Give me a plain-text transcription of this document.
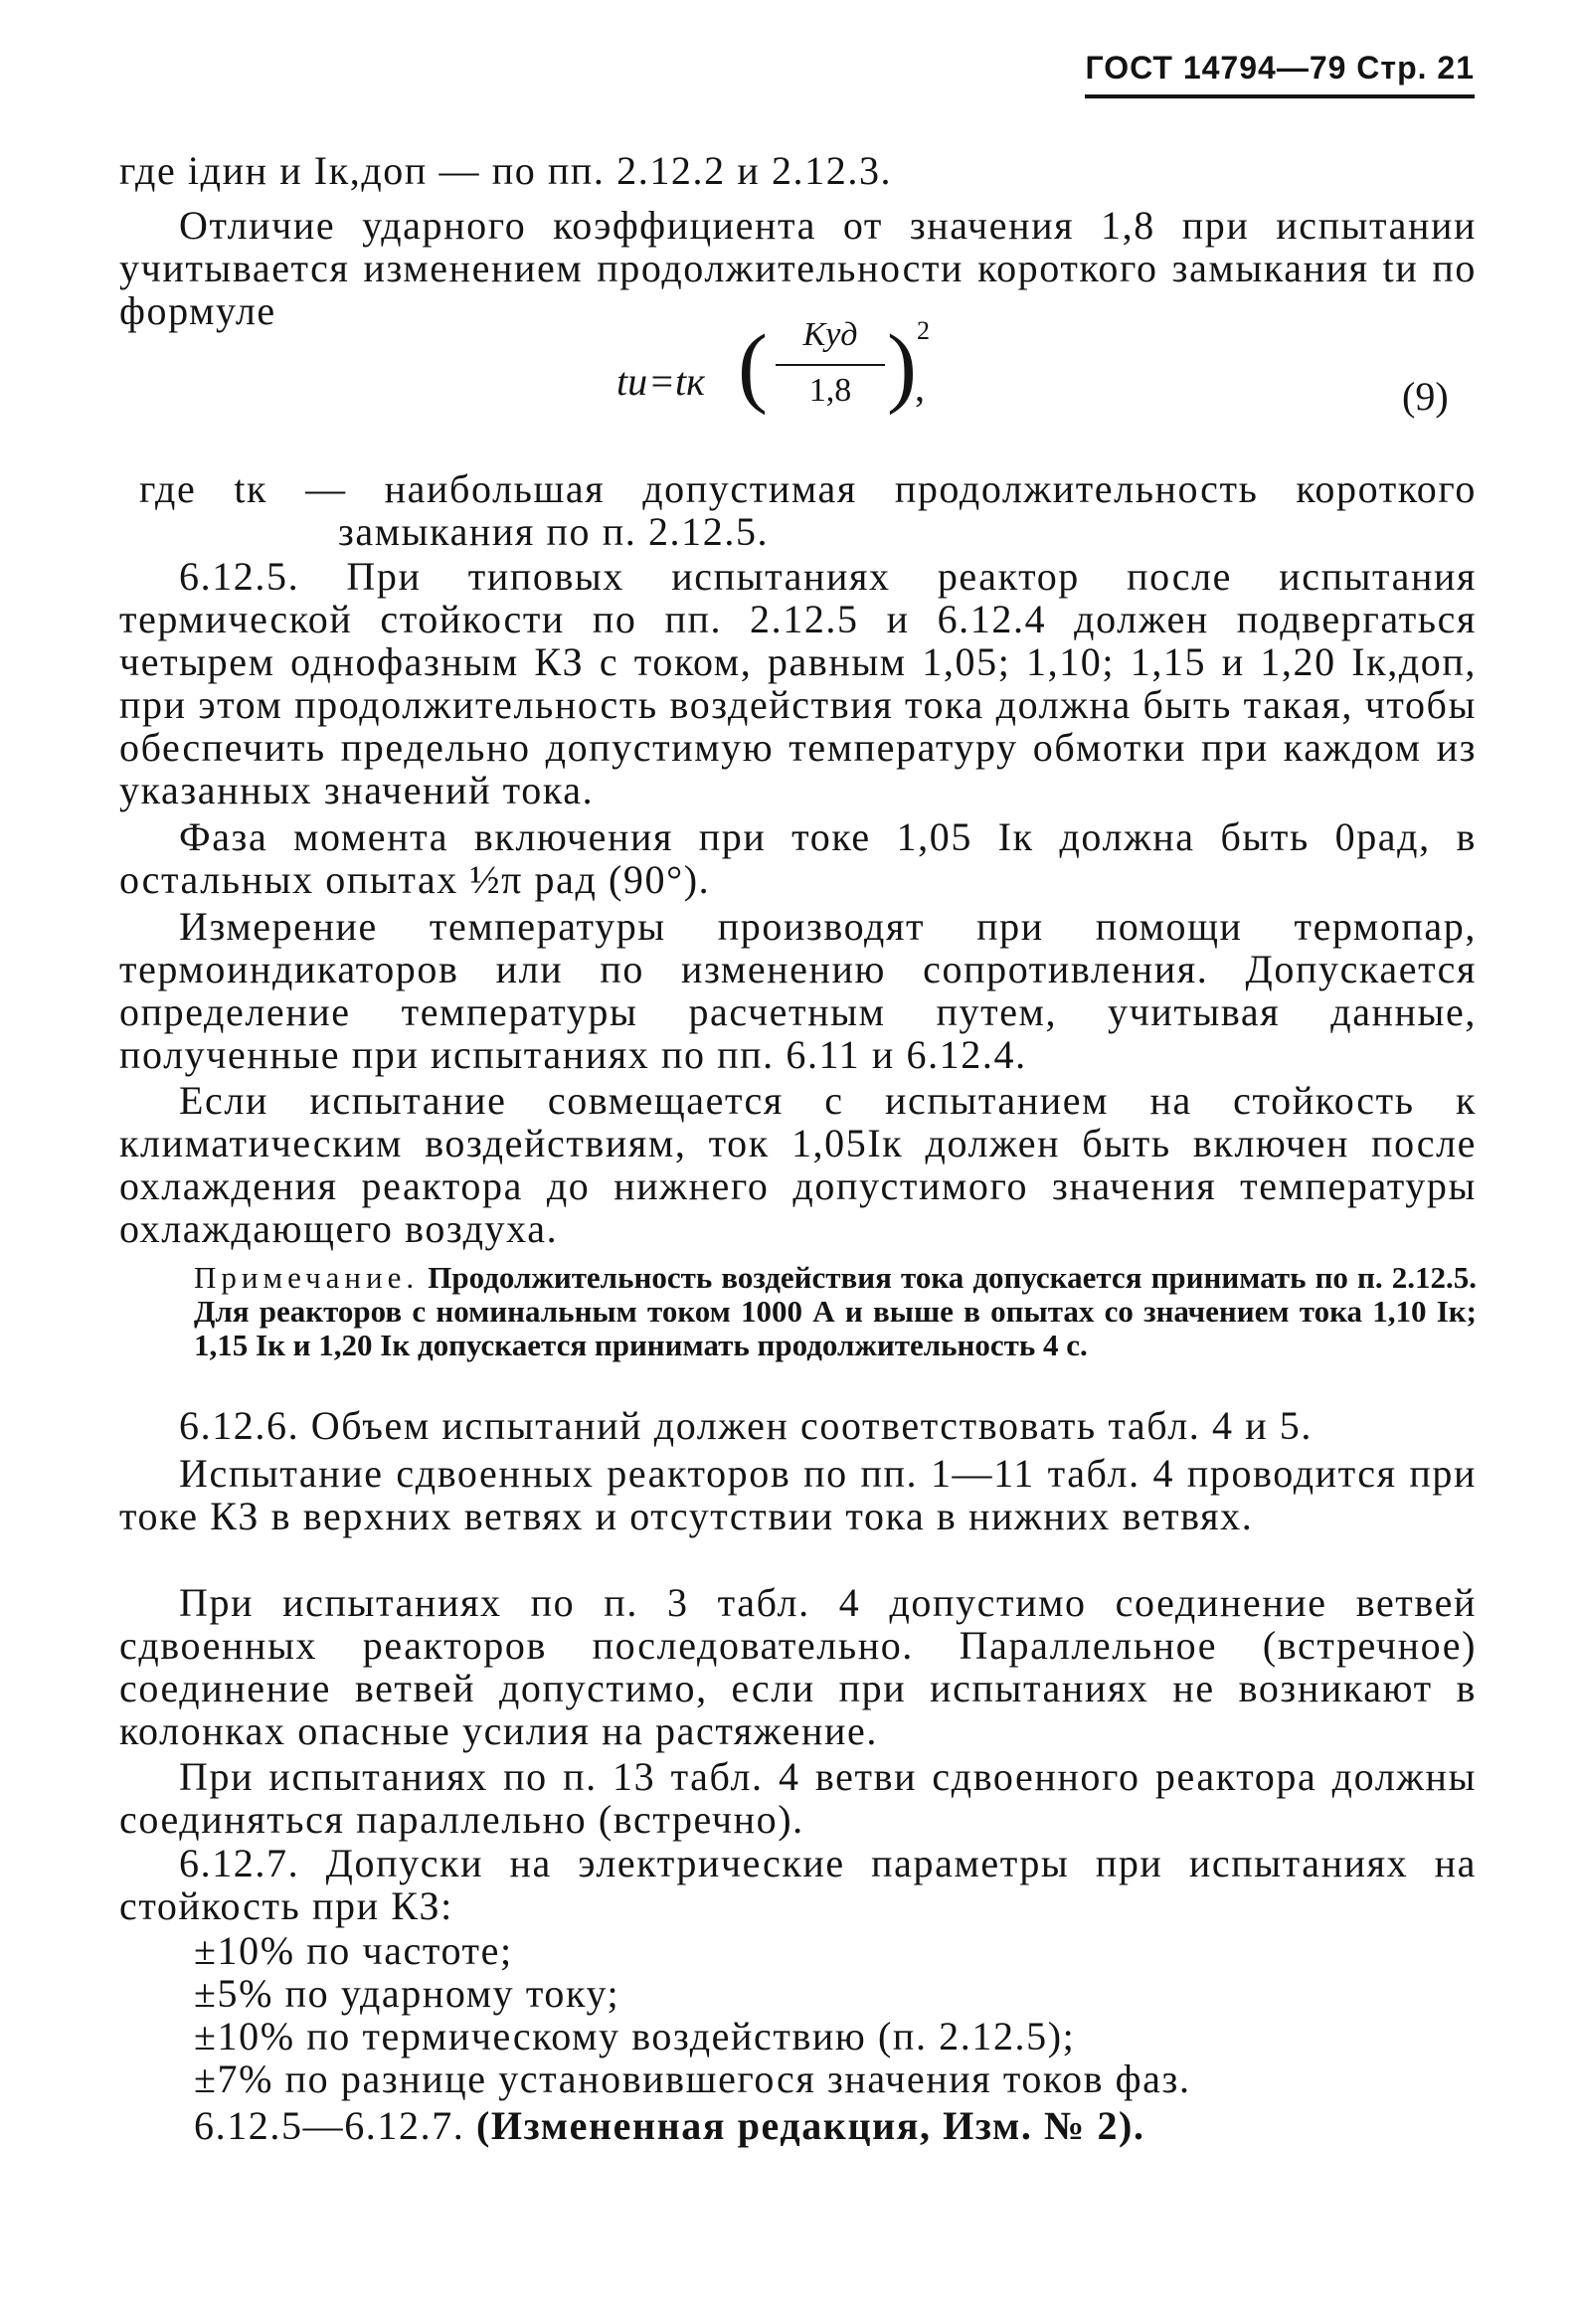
ГОСТ 14794—79 Стр. 21
где iдин и Iк,доп — по пп. 2.12.2 и 2.12.3.
Отличие ударного коэффициента от значения 1,8 при испытании учитывается изменением продолжительности короткого замыкания tи по формуле
tи =tк (	Kуд
1,8 ) 2
,	(9)
где tк — наибольшая допустимая продолжительность короткого замыкания по п. 2.12.5.
6.12.5. При типовых испытаниях реактор после испытания термической стойкости по пп. 2.12.5 и 6.12.4 должен подвергаться четырем однофазным КЗ с током, равным 1,05; 1,10; 1,15 и 1,20 Iк,доп, при этом продолжительность воздействия тока должна быть такая, чтобы обеспечить предельно допустимую температуру обмотки при каждом из указанных значений тока.
Фаза момента включения при токе 1,05 Iк должна быть 0рад, в остальных опытах ½π рад (90°).
Измерение температуры производят при помощи термопар, термоиндикаторов или по изменению сопротивления. Допускается определение температуры расчетным путем, учитывая данные, полученные при испытаниях по пп. 6.11 и 6.12.4.
Если испытание совмещается с испытанием на стойкость к климатическим воздействиям, ток 1,05Iк должен быть включен после охлаждения реактора до нижнего допустимого значения температуры охлаждающего воздуха.
Примечание. Продолжительность воздействия тока допускается принимать по п. 2.12.5. Для реакторов с номинальным током 1000 А и выше в опытах со значением тока 1,10 Iк; 1,15 Iк и 1,20 Iк допускается принимать продолжительность 4 с.
6.12.6. Объем испытаний должен соответствовать табл. 4 и 5.
Испытание сдвоенных реакторов по пп. 1—11 табл. 4 проводится при токе КЗ в верхних ветвях и отсутствии тока в нижних ветвях.
При испытаниях по п. 3 табл. 4 допустимо соединение ветвей сдвоенных реакторов последовательно. Параллельное (встречное) соединение ветвей допустимо, если при испытаниях не возникают в колонках опасные усилия на растяжение.
При испытаниях по п. 13 табл. 4 ветви сдвоенного реактора должны соединяться параллельно (встречно).
6.12.7. Допуски на электрические параметры при испытаниях на стойкость при КЗ:
±10% по частоте;
±5% по ударному току;
±10% по термическому воздействию (п. 2.12.5);
±7% по разнице установившегося значения токов фаз.
6.12.5—6.12.7. (Измененная редакция, Изм. № 2).
